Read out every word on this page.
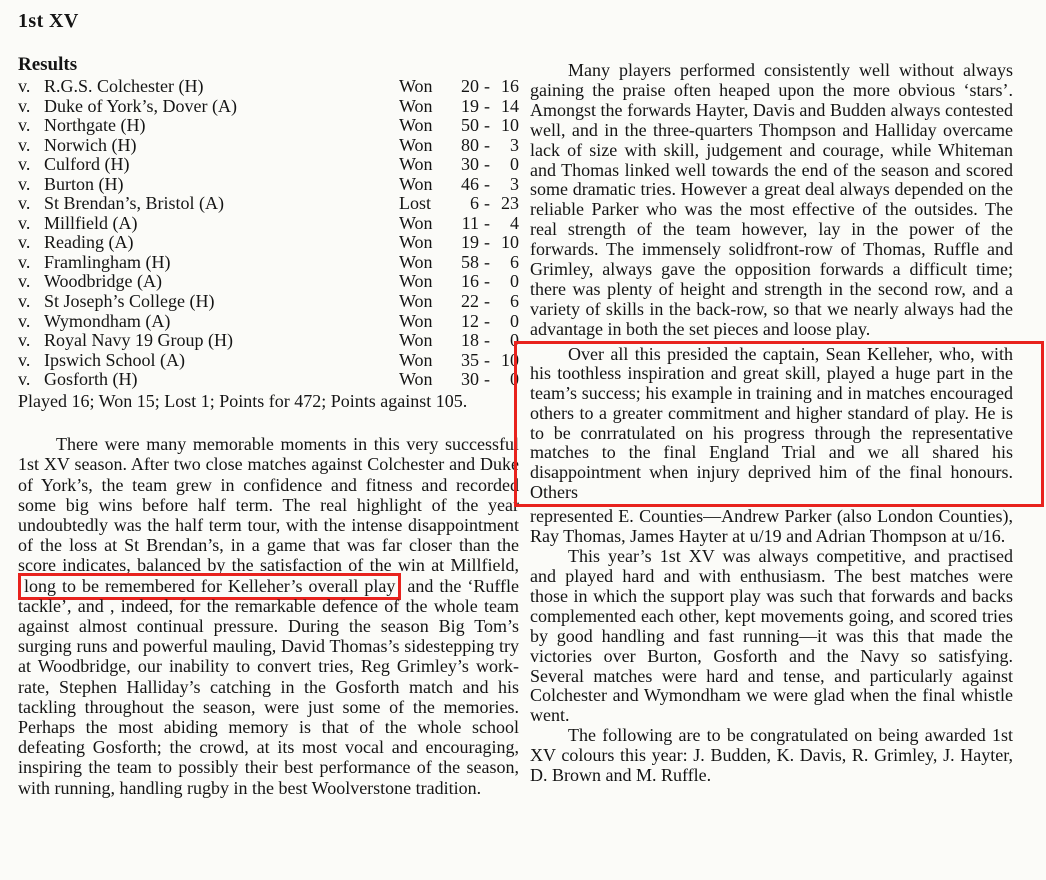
1st XV
Results
v. R.G.S. Colchester (H)	Won	20 - 16
v. Duke of York’s, Dover (A)	Won	19 - 14
v. Northgate (H)	Won	50 - 10
v. Norwich (H)	Won	80 -	3
v. Culford (H)	Won	30 -	0
v. Burton (H)	Won	46 -	3
v. St Brendan’s, Bristol (A)	Lost	6 - 23
v. Millfield (A)	Won	11 -	4
v. Reading (A)	Won	19 - 10
v. Framlingham (H)	Won	58 -	6
v. Woodbridge (A)	Won	16 -	0
v. St Joseph’s College (H)	Won	22 -	6
v. Wymondham (A)	Won	12 -	0
v. Royal Navy 19 Group (H)	Won	18 -	0
v. Ipswich School (A)	Won	35 - 10
v. Gosforth (H)	Won	30 -	0

Played 16; Won 15; Lost 1; Points for 472; Points against 105.

There were many memorable moments in this very successful 1st XV season. After two close matches against Colchester and Duke of York’s, the team grew in confidence and fitness and recorded some big wins before half term. The real highlight of the year undoubtedly was the half term tour, with the intense disappointment of the loss at St Brendan’s, in a game that was far closer than the score indicates, balanced by the satisfaction of the win at Millfield, long to be remembered for Kelleher’s overall play and the ‘Ruffle tackle’, and , indeed, for the remarkable defence of the whole team against almost continual pressure. During the season Big Tom’s surging runs and powerful mauling, David Thomas’s sidestepping try at Woodbridge, our inability to convert tries, Reg Grimley’s work-rate, Stephen Halliday’s catching in the Gosforth match and his tackling throughout the season, were just some of the memories. Perhaps the most abiding memory is that of the whole school defeating Gosforth; the crowd, at its most vocal and encouraging, inspiring the team to possibly their best performance of the season, with running, handling rugby in the best Woolverstone tradition.

Many players performed consistently well without always gaining the praise often heaped upon the more obvious ‘stars’. Amongst the forwards Hayter, Davis and Budden always contested well, and in the three-quarters Thompson and Halliday overcame lack of size with skill, judgement and courage, while Whiteman and Thomas linked well towards the end of the season and scored some dramatic tries. However a great deal always depended on the reliable Parker who was the most effective of the outsides. The real strength of the team however, lay in the power of the forwards. The immensely solidfront-row of Thomas, Ruffle and Grimley, always gave the opposition forwards a difficult time; there was plenty of height and strength in the second row, and a variety of skills in the back-row, so that we nearly always had the advantage in both the set pieces and loose play.

Over all this presided the captain, Sean Kelleher, who, with his toothless inspiration and great skill, played a huge part in the team’s success; his example in training and in matches encouraged others to a greater commitment and higher standard of play. He is to be conrratulated on his progress through the representative matches to the final England Trial and we all shared his disappointment when injury deprived him of the final honours. Others

represented E. Counties—Andrew Parker (also London Counties), Ray Thomas, James Hayter at u/19 and Adrian Thompson at u/16.

This year’s 1st XV was always competitive, and practised and played hard and with enthusiasm. The best matches were those in which the support play was such that forwards and backs complemented each other, kept movements going, and scored tries by good handling and fast running—it was this that made the victories over Burton, Gosforth and the Navy so satisfying. Several matches were hard and tense, and particularly against Colchester and Wymondham we were glad when the final whistle went.

The following are to be congratulated on being awarded 1st XV colours this year: J. Budden, K. Davis, R. Grimley, J. Hayter, D. Brown and M. Ruffle.
